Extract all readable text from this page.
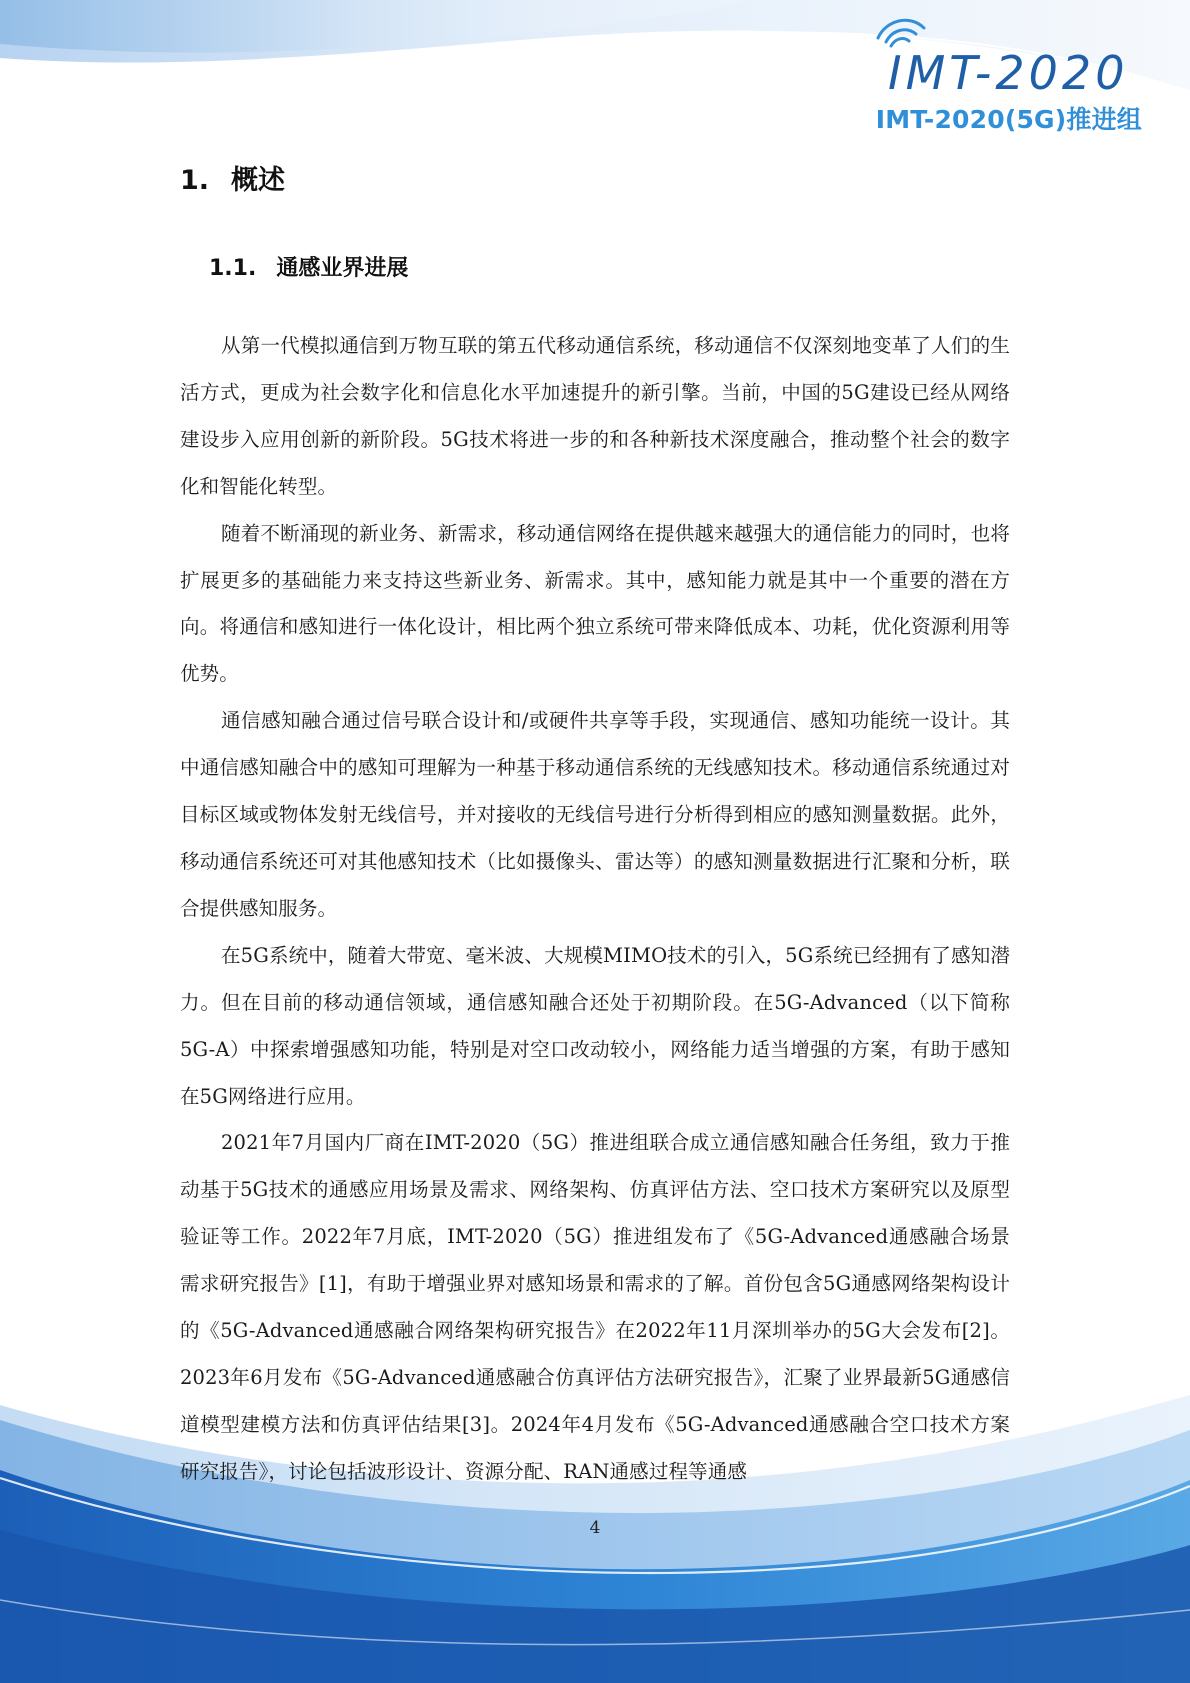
IMT-2020
IMT-2020(5G)推进组
1. 概述
1.1. 通感业界进展

从第一代模拟通信到万物互联的第五代移动通信系统，移动通信不仅深刻地变革了人们的生活方式，更成为社会数字化和信息化水平加速提升的新引擎。当前，中国的5G建设已经从网络建设步入应用创新的新阶段。5G技术将进一步的和各种新技术深度融合，推动整个社会的数字化和智能化转型。

随着不断涌现的新业务、新需求，移动通信网络在提供越来越强大的通信能力的同时，也将扩展更多的基础能力来支持这些新业务、新需求。其中，感知能力就是其中一个重要的潜在方向。将通信和感知进行一体化设计，相比两个独立系统可带来降低成本、功耗，优化资源利用等优势。

通信感知融合通过信号联合设计和/或硬件共享等手段，实现通信、感知功能统一设计。其中通信感知融合中的感知可理解为一种基于移动通信系统的无线感知技术。移动通信系统通过对目标区域或物体发射无线信号，并对接收的无线信号进行分析得到相应的感知测量数据。此外，移动通信系统还可对其他感知技术（比如摄像头、雷达等）的感知测量数据进行汇聚和分析，联合提供感知服务。

在5G系统中，随着大带宽、毫米波、大规模MIMO技术的引入，5G系统已经拥有了感知潜力。但在目前的移动通信领域，通信感知融合还处于初期阶段。在5G-Advanced（以下简称5G-A）中探索增强感知功能，特别是对空口改动较小，网络能力适当增强的方案，有助于感知在5G网络进行应用。

2021年7月国内厂商在IMT-2020（5G）推进组联合成立通信感知融合任务组，致力于推动基于5G技术的通感应用场景及需求、网络架构、仿真评估方法、空口技术方案研究以及原型验证等工作。2022年7月底，IMT-2020（5G）推进组发布了《5G-Advanced通感融合场景需求研究报告》[1]，有助于增强业界对感知场景和需求的了解。首份包含5G通感网络架构设计的《5G-Advanced通感融合网络架构研究报告》在2022年11月深圳举办的5G大会发布[2]。2023年6月发布《5G-Advanced通感融合仿真评估方法研究报告》，汇聚了业界最新5G通感信道模型建模方法和仿真评估结果[3]。2024年4月发布《5G-Advanced通感融合空口技术方案研究报告》，讨论包括波形设计、资源分配、RAN通感过程等通感

4
